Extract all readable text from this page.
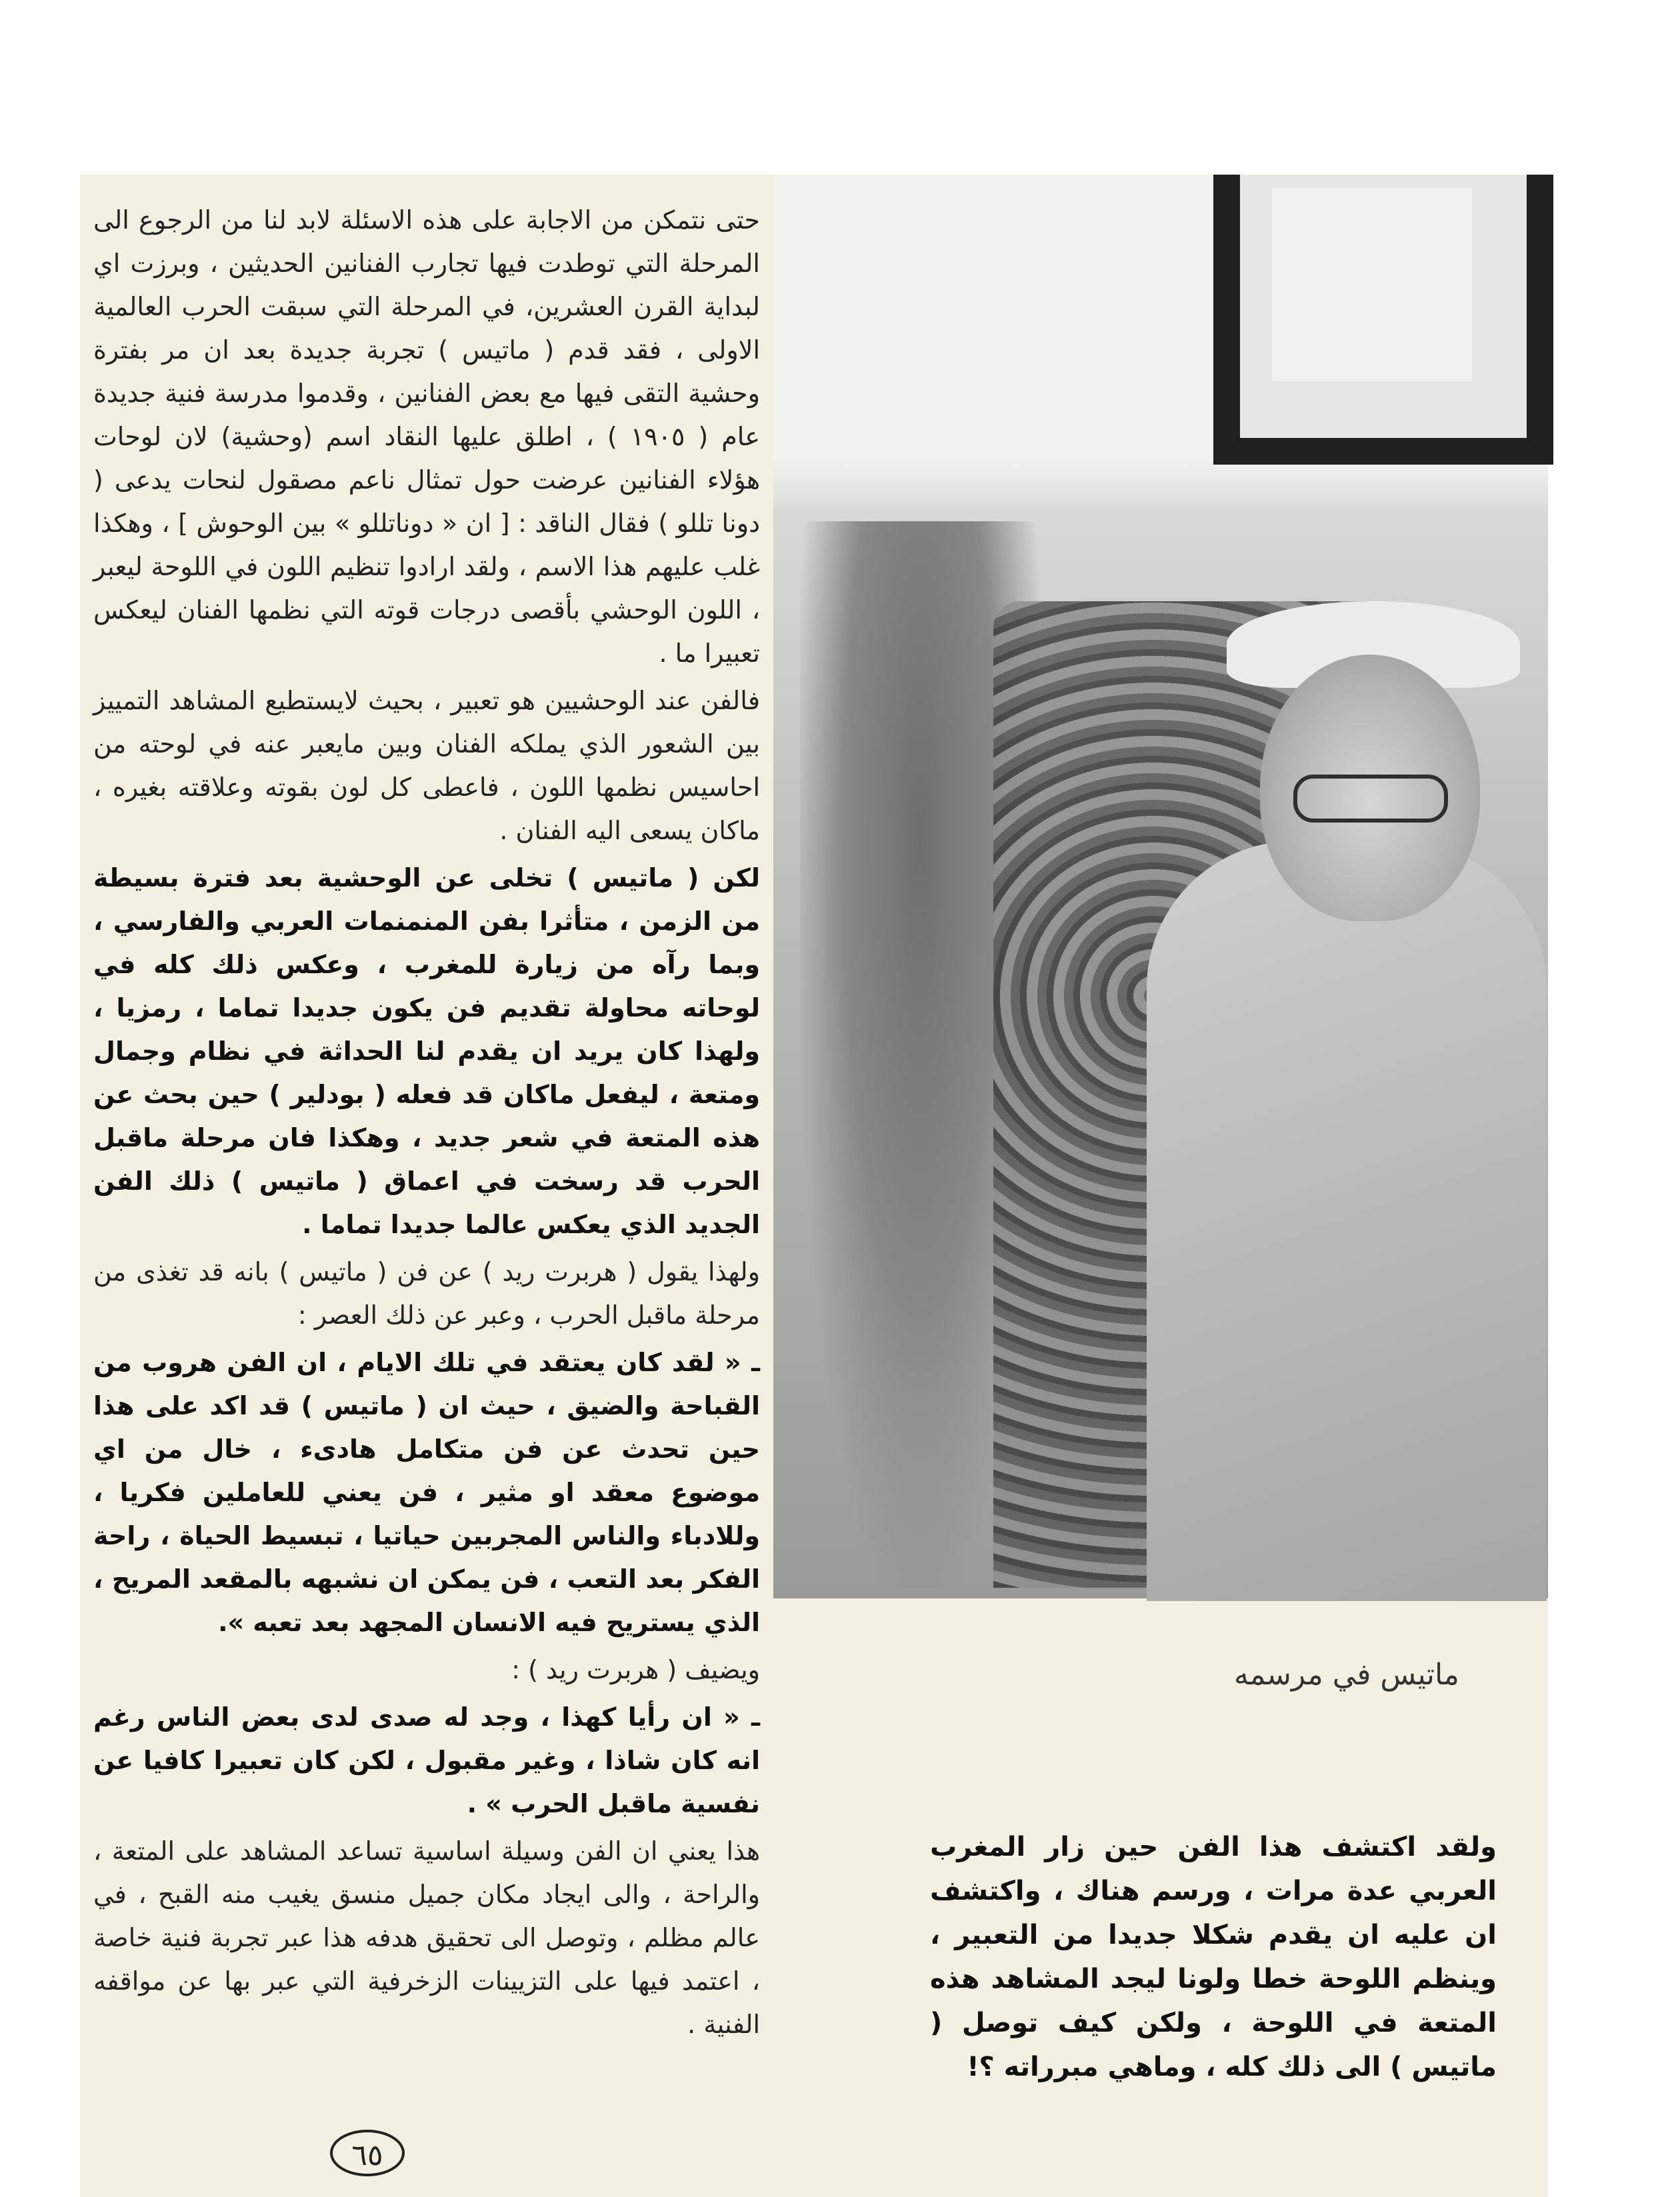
حتى نتمكن من الاجابة على هذه الاسئلة لابد لنا من الرجوع الى المرحلة التي توطدت فيها تجارب الفنانين الحديثين ، وبرزت اي لبداية القرن العشرين، في المرحلة التي سبقت الحرب العالمية الاولى ، فقد قدم ( ماتيس ) تجربة جديدة بعد ان مر بفترة وحشية التقى فيها مع بعض الفنانين ، وقدموا مدرسة فنية جديدة عام ( ١٩٠٥ ) ، اطلق عليها النقاد اسم (وحشية) لان لوحات هؤلاء الفنانين عرضت حول تمثال ناعم مصقول لنحات يدعى ( دونا تللو ) فقال الناقد : [ ان « دوناتللو » بين الوحوش ] ، وهكذا غلب عليهم هذا الاسم ، ولقد ارادوا تنظيم اللون في اللوحة ليعبر ، اللون الوحشي بأقصى درجات قوته التي نظمها الفنان ليعكس تعبيرا ما .

فالفن عند الوحشيين هو تعبير ، بحيث لايستطيع المشاهد التمييز بين الشعور الذي يملكه الفنان وبين مايعبر عنه في لوحته من احاسيس نظمها اللون ، فاعطى كل لون بقوته وعلاقته بغيره ، ماكان يسعى اليه الفنان .

لكن ( ماتيس ) تخلى عن الوحشية بعد فترة بسيطة من الزمن ، متأثرا بفن المنمنمات العربي والفارسي ، وبما رآه من زيارة للمغرب ، وعكس ذلك كله في لوحاته محاولة تقديم فن يكون جديدا تماما ، رمزيا ، ولهذا كان يريد ان يقدم لنا الحداثة في نظام وجمال ومتعة ، ليفعل ماكان قد فعله ( بودلير ) حين بحث عن هذه المتعة في شعر جديد ، وهكذا فان مرحلة ماقبل الحرب قد رسخت في اعماق ( ماتيس ) ذلك الفن الجديد الذي يعكس عالما جديدا تماما .

ولهذا يقول ( هربرت ريد ) عن فن ( ماتيس ) بانه قد تغذى من مرحلة ماقبل الحرب ، وعبر عن ذلك العصر :

ـ « لقد كان يعتقد في تلك الايام ، ان الفن هروب من القباحة والضيق ، حيث ان ( ماتيس ) قد اكد على هذا حين تحدث عن فن متكامل هادىء ، خال من اي موضوع معقد او مثير ، فن يعني للعاملين فكريا ، وللادباء والناس المجربين حياتيا ، تبسيط الحياة ، راحة الفكر بعد التعب ، فن يمكن ان نشبهه بالمقعد المريح ، الذي يستريح فيه الانسان المجهد بعد تعبه ».

ويضيف ( هربرت ريد ) :

ـ « ان رأيا كهذا ، وجد له صدى لدى بعض الناس رغم انه كان شاذا ، وغير مقبول ، لكن كان تعبيرا كافيا عن نفسية ماقبل الحرب » .

هذا يعني ان الفن وسيلة اساسية تساعد المشاهد على المتعة ، والراحة ، والى ايجاد مكان جميل منسق يغيب منه القبح ، في عالم مظلم ، وتوصل الى تحقيق هدفه هذا عبر تجربة فنية خاصة ، اعتمد فيها على التزيينات الزخرفية التي عبر بها عن مواقفه الفنية .

ماتيس في مرسمه

ولقد اكتشف هذا الفن حين زار المغرب العربي عدة مرات ، ورسم هناك ، واكتشف ان عليه ان يقدم شكلا جديدا من التعبير ، وينظم اللوحة خطا ولونا ليجد المشاهد هذه المتعة في اللوحة ، ولكن كيف توصل ( ماتيس ) الى ذلك كله ، وماهي مبرراته ؟!

٦٥
